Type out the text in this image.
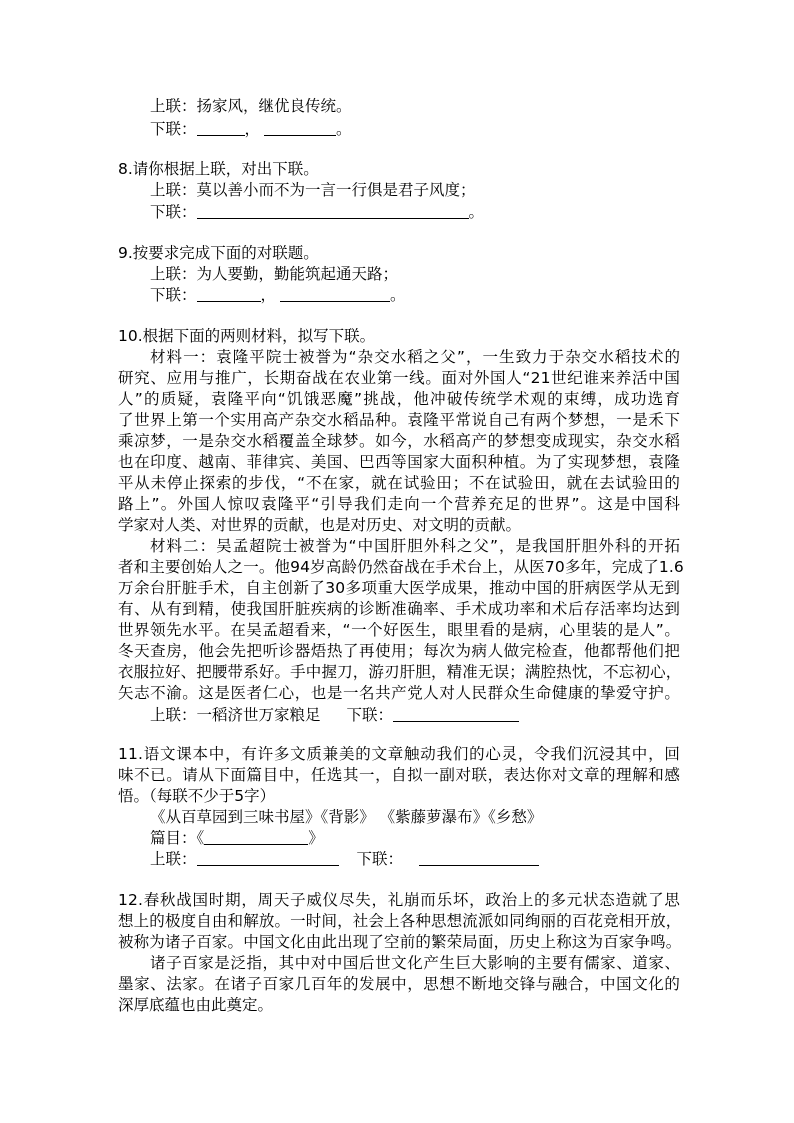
上联：扬家风，继优良传统。
下联：	，	。
8.请你根据上联，对出下联。
上联：莫以善小而不为一言一行俱是君子风度；
下联：	。
9.按要求完成下面的对联题。
上联：为人要勤，勤能筑起通天路；
下联：	，	。
10.根据下面的两则材料，拟写下联。
材料一：袁隆平院士被誉为“杂交水稻之父”，一生致力于杂交水稻技术的
研究、应用与推广，长期奋战在农业第一线。面对外国人“21世纪谁来养活中国
人”的质疑，袁隆平向“饥饿恶魔”挑战，他冲破传统学术观的束缚，成功选育
了世界上第一个实用高产杂交水稻品种。袁隆平常说自己有两个梦想，一是禾下
乘凉梦，一是杂交水稻覆盖全球梦。如今，水稻高产的梦想变成现实，杂交水稻
也在印度、越南、菲律宾、美国、巴西等国家大面积种植。为了实现梦想，袁隆
平从未停止探索的步伐，“不在家，就在试验田；不在试验田，就在去试验田的
路上”。外国人惊叹袁隆平“引导我们走向一个营养充足的世界”。这是中国科
学家对人类、对世界的贡献，也是对历史、对文明的贡献。
材料二：吴孟超院士被誉为“中国肝胆外科之父”，是我国肝胆外科的开拓
者和主要创始人之一。他94岁高龄仍然奋战在手术台上，从医70多年，完成了1.6
万余台肝脏手术，自主创新了30多项重大医学成果，推动中国的肝病医学从无到
有、从有到精，使我国肝脏疾病的诊断准确率、手术成功率和术后存活率均达到
世界领先水平。在吴孟超看来，“一个好医生，眼里看的是病，心里装的是人”。
冬天查房，他会先把听诊器焐热了再使用；每次为病人做完检查，他都帮他们把
衣服拉好、把腰带系好。手中握刀，游刃肝胆，精准无误；满腔热忱，不忘初心，
矢志不渝。这是医者仁心，也是一名共产党人对人民群众生命健康的挚爱守护。
上联：一稻济世万家粮足 下联：
11.语文课本中，有许多文质兼美的文章触动我们的心灵，令我们沉浸其中，回
味不已。请从下面篇目中，任选其一，自拟一副对联，表达你对文章的理解和感
悟。（每联不少于5字）
《从百草园到三味书屋》《背影》 《紫藤萝瀑布》《乡愁》
篇目：《	》
上联：	下联：
12.春秋战国时期，周天子威仪尽失，礼崩而乐坏，政治上的多元状态造就了思
想上的极度自由和解放。一时间，社会上各种思想流派如同绚丽的百花竞相开放，
被称为诸子百家。中国文化由此出现了空前的繁荣局面，历史上称这为百家争鸣。
诸子百家是泛指，其中对中国后世文化产生巨大影响的主要有儒家、道家、
墨家、法家。在诸子百家几百年的发展中，思想不断地交锋与融合，中国文化的
深厚底蕴也由此奠定。
